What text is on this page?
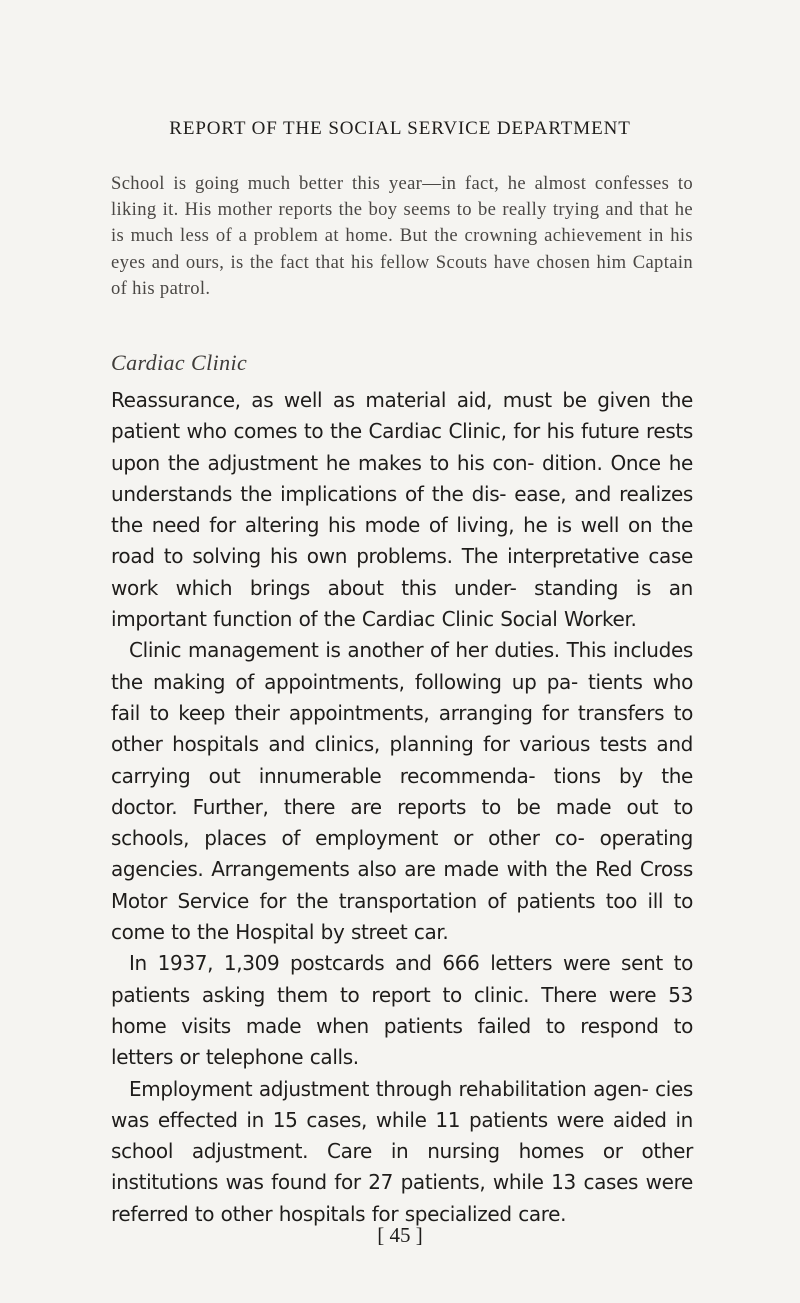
REPORT OF THE SOCIAL SERVICE DEPARTMENT

School is going much better this year—in fact, he almost confesses to liking it. His mother reports the boy seems to be really trying and that he is much less of a problem at home. But the crowning achievement in his eyes and ours, is the fact that his fellow Scouts have chosen him Captain of his patrol.

Cardiac Clinic

Reassurance, as well as material aid, must be given the patient who comes to the Cardiac Clinic, for his future rests upon the adjustment he makes to his con- dition. Once he understands the implications of the dis- ease, and realizes the need for altering his mode of living, he is well on the road to solving his own problems. The interpretative case work which brings about this under- standing is an important function of the Cardiac Clinic Social Worker.

Clinic management is another of her duties. This includes the making of appointments, following up pa- tients who fail to keep their appointments, arranging for transfers to other hospitals and clinics, planning for various tests and carrying out innumerable recommenda- tions by the doctor. Further, there are reports to be made out to schools, places of employment or other co- operating agencies. Arrangements also are made with the Red Cross Motor Service for the transportation of patients too ill to come to the Hospital by street car.

In 1937, 1,309 postcards and 666 letters were sent to patients asking them to report to clinic. There were 53 home visits made when patients failed to respond to letters or telephone calls.

Employment adjustment through rehabilitation agen- cies was effected in 15 cases, while 11 patients were aided in school adjustment. Care in nursing homes or other institutions was found for 27 patients, while 13 cases were referred to other hospitals for specialized care.

[ 45 ]
